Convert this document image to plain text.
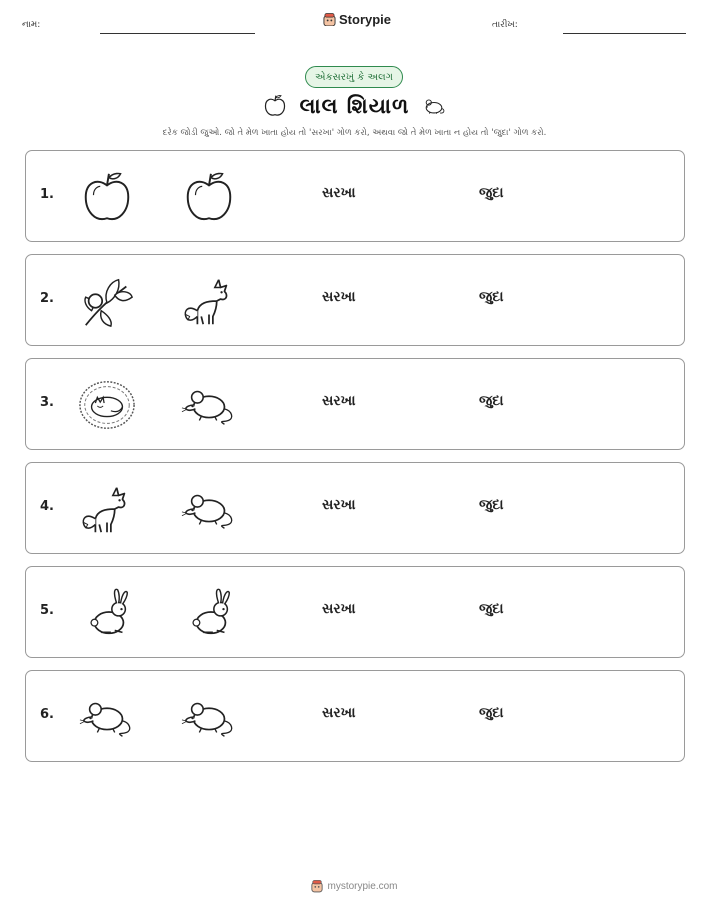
નામ:	Storypie	તારીખ:
એકસરખું કે અલગ
લાલ શિયાળ
દરેક જોડી જુઓ. જો તે મેળ ખાતા હોય તો 'સરખા' ગોળ કરો, અથવા જો તે મેળ ખાતા ન હોય તો 'જુદા' ગોળ કરો.
1.	સરખા	જુદા
2.	સરખા	જુદા
3.	સરખા	જુદા
4.	સરખા	જુદા
5.	સરખા	જુદા
6.	સરખા	જુદા
mystorypie.com
